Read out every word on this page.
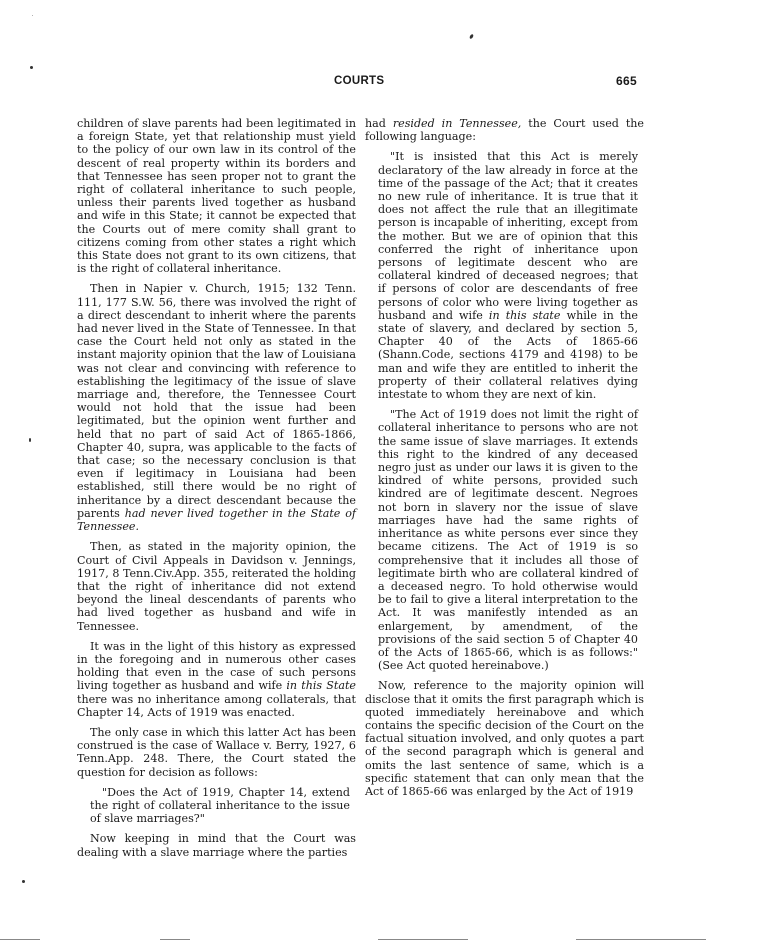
COURTS	665

children of slave parents had been legitimated in a foreign State, yet that relationship must yield to the policy of our own law in its control of the descent of real property within its borders and that Tennessee has seen proper not to grant the right of collateral inheritance to such people, unless their parents lived together as husband and wife in this State; it cannot be expected that the Courts out of mere comity shall grant to citizens coming from other states a right which this State does not grant to its own citizens, that is the right of collateral inheritance.

Then in Napier v. Church, 1915; 132 Tenn. 111, 177 S.W. 56, there was involved the right of a direct descendant to inherit where the parents had never lived in the State of Tennessee. In that case the Court held not only as stated in the instant majority opinion that the law of Louisiana was not clear and convincing with reference to establishing the legitimacy of the issue of slave marriage and, therefore, the Tennessee Court would not hold that the issue had been legitimated, but the opinion went further and held that no part of said Act of 1865-1866, Chapter 40, supra, was applicable to the facts of that case; so the necessary conclusion is that even if legitimacy in Louisiana had been established, still there would be no right of inheritance by a direct descendant because the parents had never lived together in the State of Tennessee.

Then, as stated in the majority opinion, the Court of Civil Appeals in Davidson v. Jennings, 1917, 8 Tenn.Civ.App. 355, reiterated the holding that the right of inheritance did not extend beyond the lineal descendants of parents who had lived together as husband and wife in Tennessee.

It was in the light of this history as expressed in the foregoing and in numerous other cases holding that even in the case of such persons living together as husband and wife in this State there was no inheritance among collaterals, that Chapter 14, Acts of 1919 was enacted.

The only case in which this latter Act has been construed is the case of Wallace v. Berry, 1927, 6 Tenn.App. 248. There, the Court stated the question for decision as follows:

"Does the Act of 1919, Chapter 14, extend the right of collateral inheritance to the issue of slave marriages?"

Now keeping in mind that the Court was dealing with a slave marriage where the parties

had resided in Tennessee, the Court used the following language:

"It is insisted that this Act is merely declaratory of the law already in force at the time of the passage of the Act; that it creates no new rule of inheritance. It is true that it does not affect the rule that an illegitimate person is incapable of inheriting, except from the mother. But we are of opinion that this conferred the right of inheritance upon persons of legitimate descent who are collateral kindred of deceased negroes; that if persons of color are descendants of free persons of color who were living together as husband and wife in this state while in the state of slavery, and declared by section 5, Chapter 40 of the Acts of 1865-66 (Shann.Code, sections 4179 and 4198) to be man and wife they are entitled to inherit the property of their collateral relatives dying intestate to whom they are next of kin.

"The Act of 1919 does not limit the right of collateral inheritance to persons who are not the same issue of slave marriages. It extends this right to the kindred of any deceased negro just as under our laws it is given to the kindred of white persons, provided such kindred are of legitimate descent. Negroes not born in slavery nor the issue of slave marriages have had the same rights of inheritance as white persons ever since they became citizens. The Act of 1919 is so comprehensive that it includes all those of legitimate birth who are collateral kindred of a deceased negro. To hold otherwise would be to fail to give a literal interpretation to the Act. It was manifestly intended as an enlargement, by amendment, of the provisions of the said section 5 of Chapter 40 of the Acts of 1865-66, which is as follows:" (See Act quoted hereinabove.)

Now, reference to the majority opinion will disclose that it omits the first paragraph which is quoted immediately hereinabove and which contains the specific decision of the Court on the factual situation involved, and only quotes a part of the second paragraph which is general and omits the last sentence of same, which is a specific statement that can only mean that the Act of 1865-66 was enlarged by the Act of 1919
